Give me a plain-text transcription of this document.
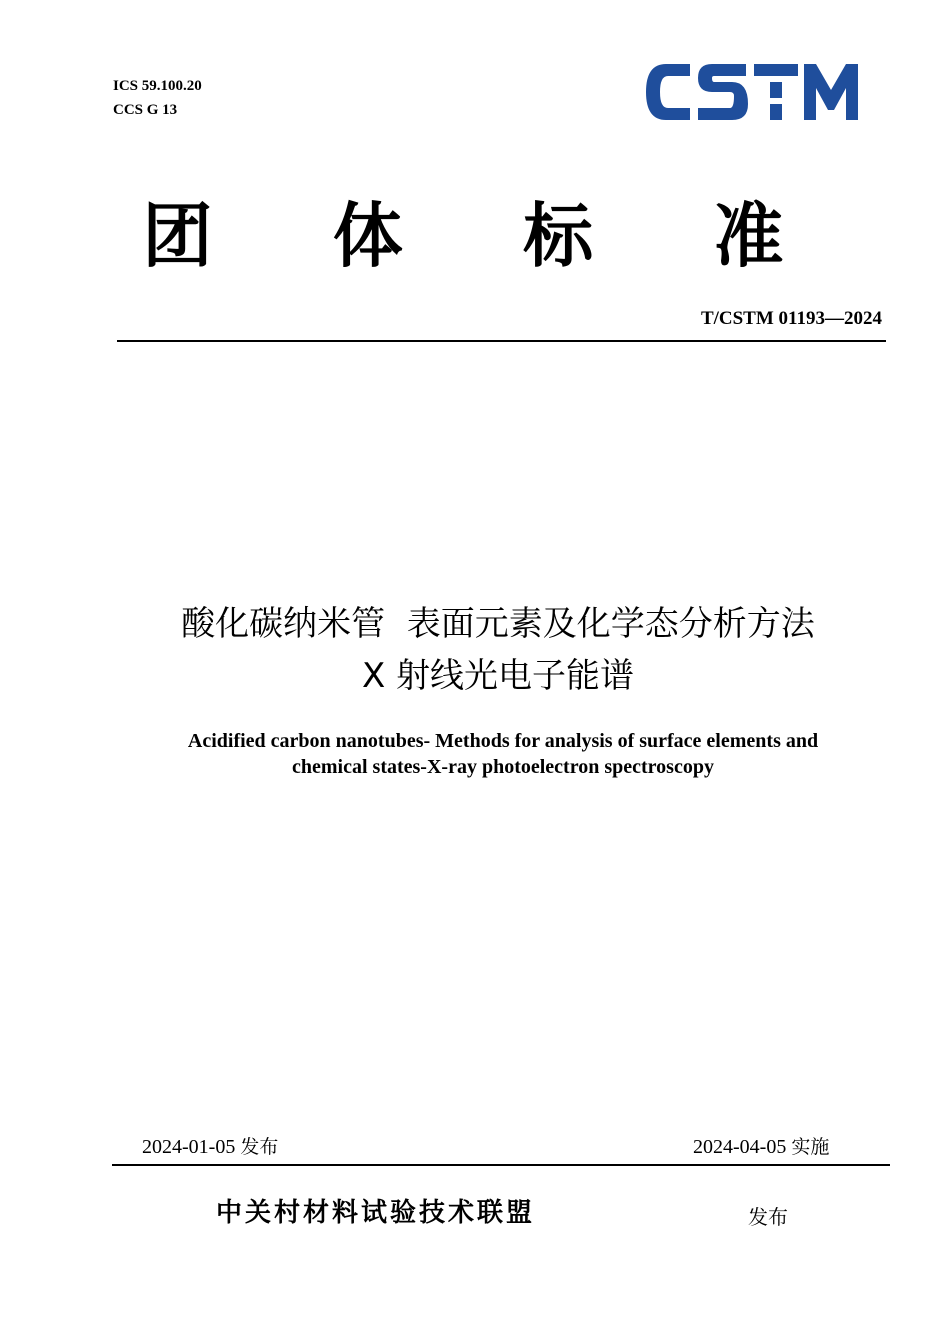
ICS 59.100.20
CCS G 13
团 体 标 准
T/CSTM 01193—2024
酸化碳纳米管  表面元素及化学态分析方法
X 射线光电子能谱
Acidified carbon nanotubes- Methods for analysis of surface elements and
chemical states-X-ray photoelectron spectroscopy
2024-01-05 发布	2024-04-05 实施
中关村材料试验技术联盟	发布
